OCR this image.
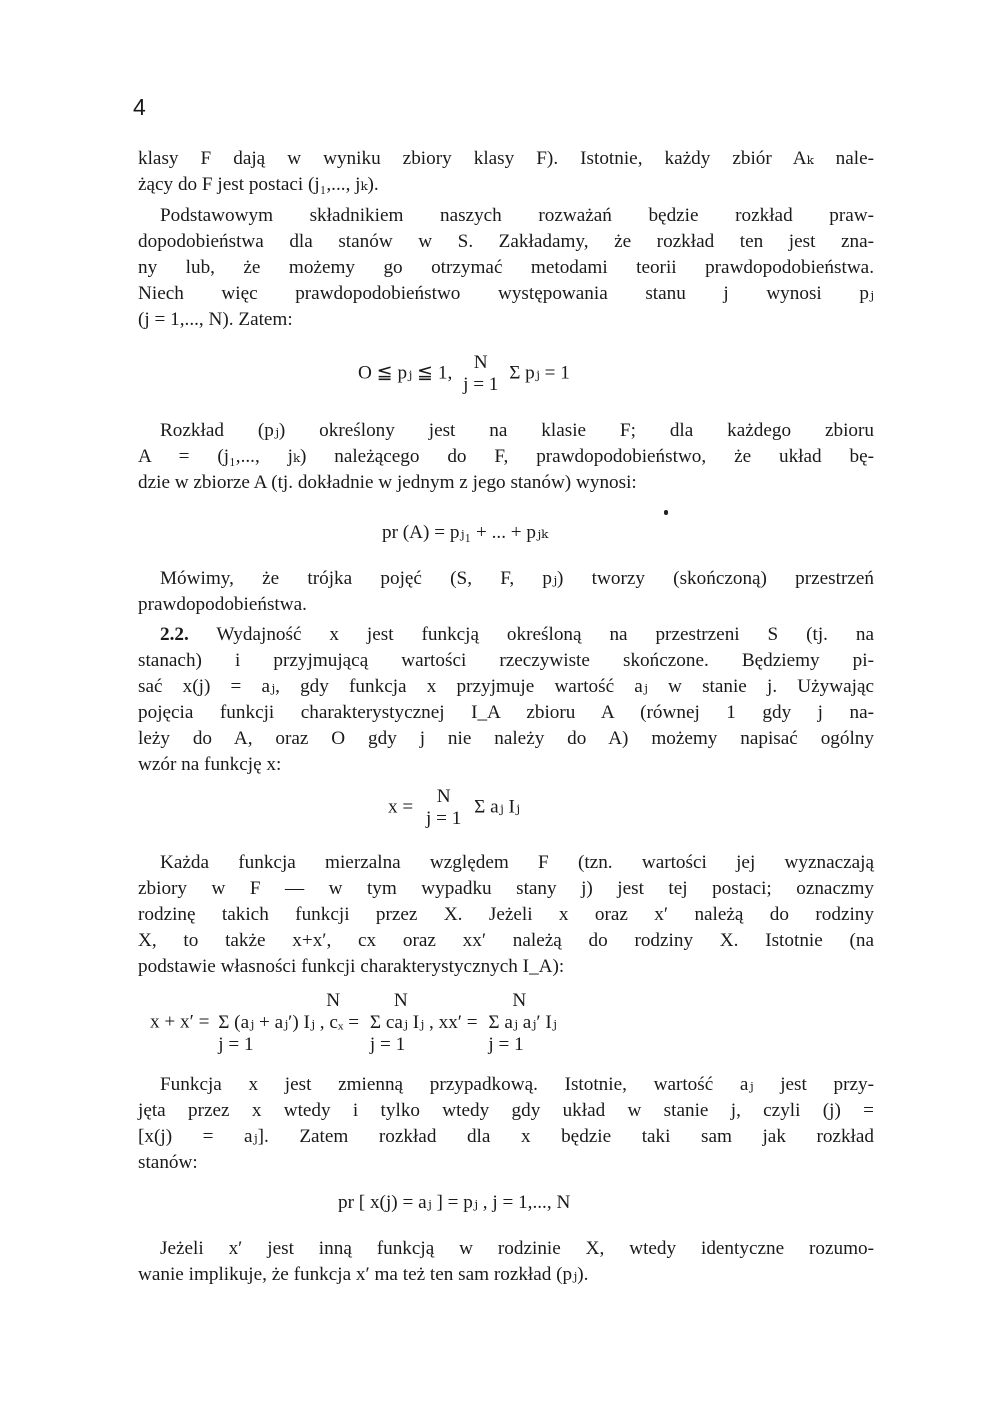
4
klasy F dają w wyniku zbiory klasy F). Istotnie, każdy zbiór Aₖ nale-
żący do F jest postaci (j₁,..., jₖ).
Podstawowym składnikiem naszych rozważań będzie rozkład praw-
dopodobieństwa dla stanów w S. Zakładamy, że rozkład ten jest zna-
ny lub, że możemy go otrzymać metodami teorii prawdopodobieństwa.
Niech więc prawdopodobieństwo występowania stanu j wynosi pⱼ
(j = 1,..., N). Zatem:
O ≦ pⱼ ≦ 1,	N
j = 1
Σ pⱼ = 1
Rozkład (pⱼ) określony jest na klasie F; dla każdego zbioru
A = (j₁,..., jₖ) należącego do F, prawdopodobieństwo, że układ bę-
dzie w zbiorze A (tj. dokładnie w jednym z jego stanów) wynosi:
pr (A) = pⱼ₁ + ... + pⱼₖ
Mówimy, że trójka pojęć (S, F, pⱼ) tworzy (skończoną) przestrzeń
prawdopodobieństwa.
2.2. Wydajność x jest funkcją określoną na przestrzeni S (tj. na
stanach) i przyjmującą wartości rzeczywiste skończone. Będziemy pi-
sać x(j) = aⱼ, gdy funkcja x przyjmuje wartość aⱼ w stanie j. Używając
pojęcia funkcji charakterystycznej I_A zbioru A (równej 1 gdy j na-
leży do A, oraz O gdy j nie należy do A) możemy napisać ogólny
wzór na funkcję x:
x =	N
j = 1
Σ aⱼ Iⱼ
Każda funkcja mierzalna względem F (tzn. wartości jej wyznaczają
zbiory w F — w tym wypadku stany j) jest tej postaci; oznaczmy
rodzinę takich funkcji przez X. Jeżeli x oraz x′ należą do rodziny
X, to także x+x′, cx oraz xx′ należą do rodziny X. Istotnie (na
podstawie własności funkcji charakterystycznych I_A):
x + x′ =
N
Σ (aⱼ + aⱼ′) Iⱼ , cₓ =
j = 1

N
Σ caⱼ Iⱼ , xx′ =
j = 1

N
Σ aⱼ aⱼ′ Iⱼ
j = 1
Funkcja x jest zmienną przypadkową. Istotnie, wartość aⱼ jest przy-
jęta przez x wtedy i tylko wtedy gdy układ w stanie j, czyli (j) =
[x(j) = aⱼ]. Zatem rozkład dla x będzie taki sam jak rozkład
stanów:
pr [ x(j) = aⱼ ] = pⱼ , j = 1,..., N
Jeżeli x′ jest inną funkcją w rodzinie X, wtedy identyczne rozumo-
wanie implikuje, że funkcja x′ ma też ten sam rozkład (pⱼ).
